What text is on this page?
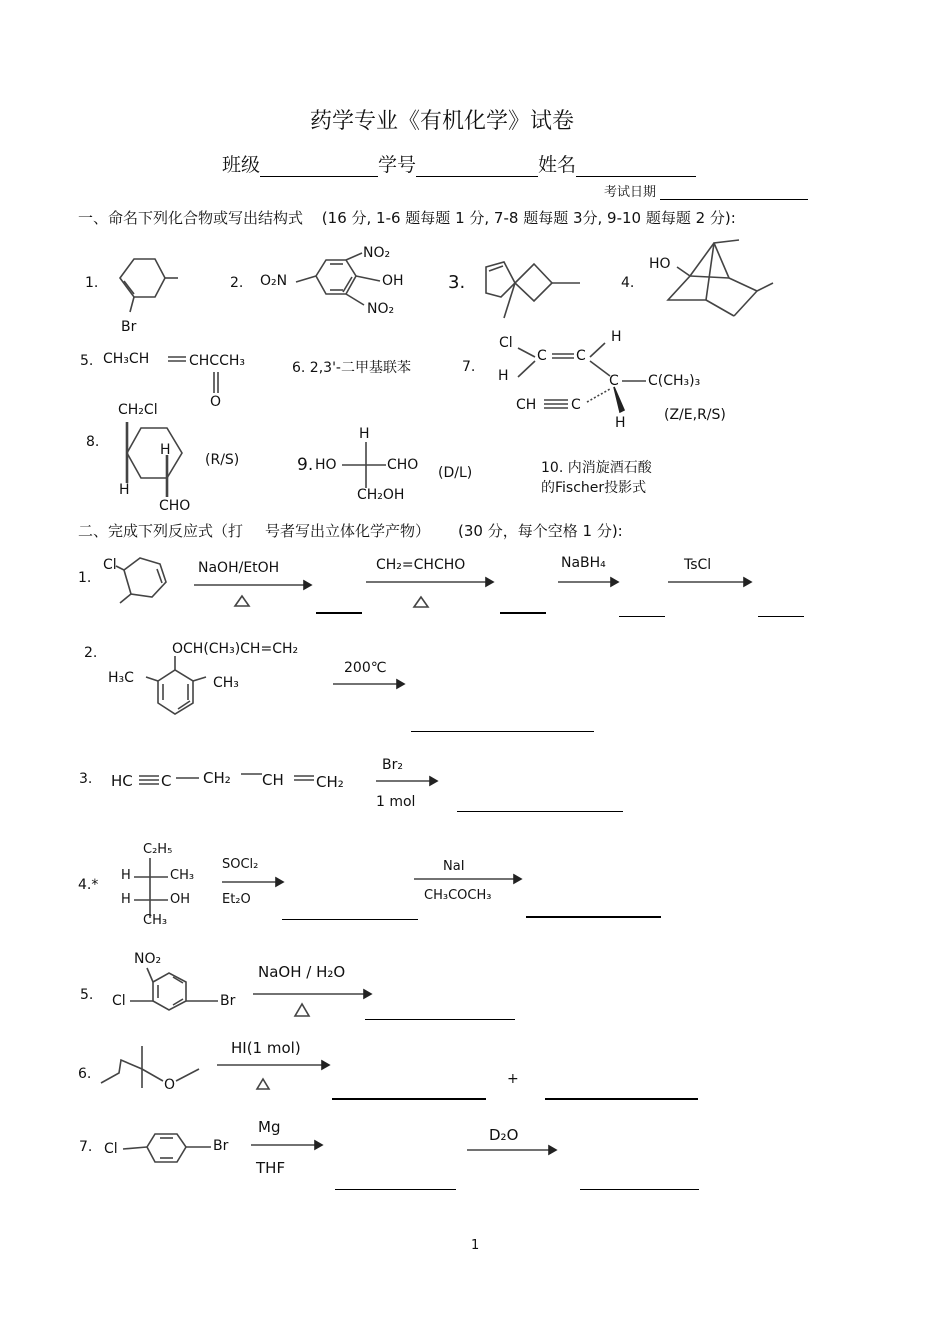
药学专业《有机化学》试卷
班级	学号	姓名
考试日期
一、命名下列化合物或写出结构式 (16 分, 1-6 题每题 1 分, 7-8 题每题 3分, 9-10 题每题 2 分):
1.
Br
2. O₂N
NO₂
OH
NO₂
3.	4.
HO
5. CH₃CH	CHCCH₃
O
6. 2,3'-二甲基联苯	7.
Cl
C C
H
H	C C(CH₃)₃
CH C
H	(Z/E,R/S)
8.
CH₂Cl
H
H
CHO
(R/S)	9.
H
HO	CHO
CH₂OH
(D/L)	10. 内消旋酒石酸
的Fischer投影式
二、完成下列反应式（打 号者写出立体化学产物） (30 分，每个空格 1 分):
1.
Cl	NaOH/EtOH	CH₂=CHCHO	NaBH₄	TsCl
2.	OCH(CH₃)CH=CH₂
H₃C	CH₃
200℃
3. HC C CH₂ CH CH₂
Br₂
1 mol
4.*
C₂H₅
H	CH₃
H	OH
CH₃
SOCl₂
Et₂O
NaI
CH₃COCH₃
5.
NO₂
Cl	Br
NaOH / H₂O
6.
O
HI(1 mol)
+
7. Cl	Br
Mg
THF
D₂O
1
